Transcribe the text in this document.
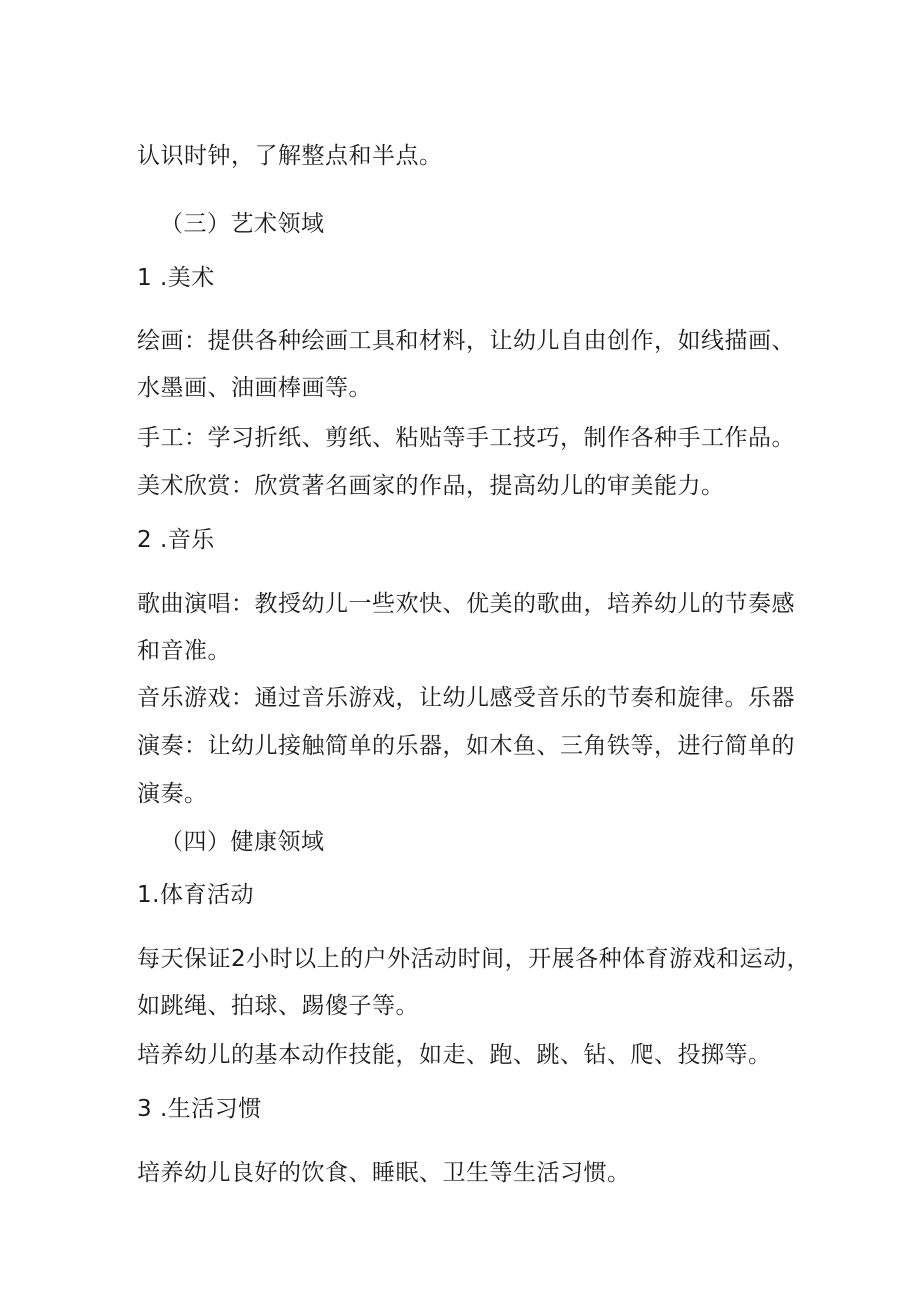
认识时钟，了解整点和半点。

（三）艺术领域

1 .美术

绘画：提供各种绘画工具和材料，让幼儿自由创作，如线描画、

水墨画、油画棒画等。

手工：学习折纸、剪纸、粘贴等手工技巧，制作各种手工作品。

美术欣赏：欣赏著名画家的作品，提高幼儿的审美能力。

2 .音乐

歌曲演唱：教授幼儿一些欢快、优美的歌曲，培养幼儿的节奏感

和音准。

音乐游戏：通过音乐游戏，让幼儿感受音乐的节奏和旋律。乐器

演奏：让幼儿接触简单的乐器，如木鱼、三角铁等，进行简单的

演奏。

（四）健康领域

1.体育活动

每天保证2小时以上的户外活动时间，开展各种体育游戏和运动，

如跳绳、拍球、踢傻子等。

培养幼儿的基本动作技能，如走、跑、跳、钻、爬、投掷等。

3 .生活习惯

培养幼儿良好的饮食、睡眠、卫生等生活习惯。
